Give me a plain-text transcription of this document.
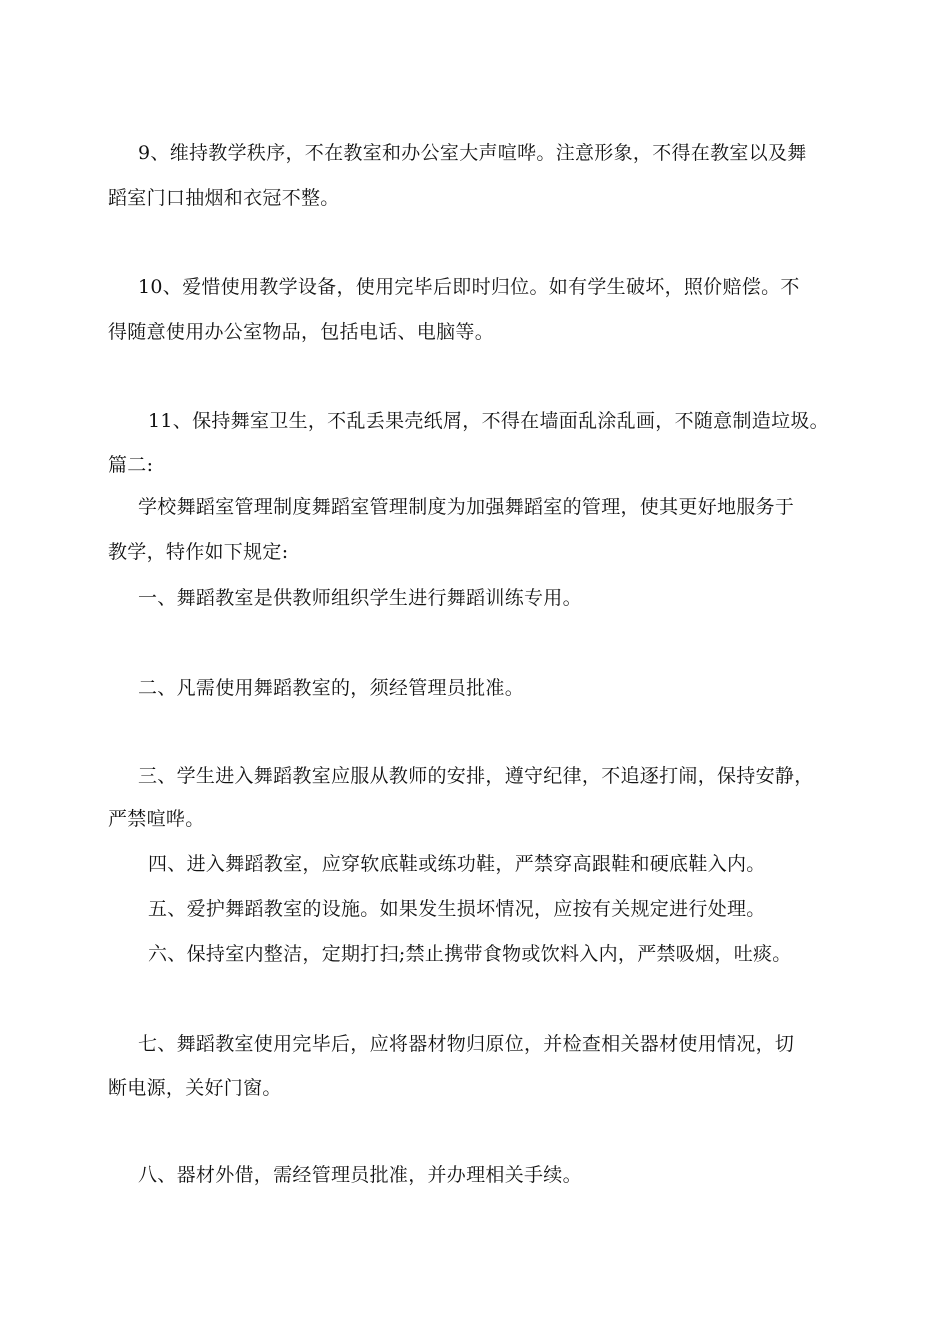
9、维持教学秩序，不在教室和办公室大声喧哗。注意形象，不得在教室以及舞
蹈室门口抽烟和衣冠不整。
10、爱惜使用教学设备，使用完毕后即时归位。如有学生破坏，照价赔偿。不
得随意使用办公室物品，包括电话、电脑等。
11、保持舞室卫生，不乱丢果壳纸屑，不得在墙面乱涂乱画，不随意制造垃圾。
篇二:
学校舞蹈室管理制度舞蹈室管理制度为加强舞蹈室的管理，使其更好地服务于
教学，特作如下规定:
一、舞蹈教室是供教师组织学生进行舞蹈训练专用。
二、凡需使用舞蹈教室的，须经管理员批准。
三、学生进入舞蹈教室应服从教师的安排，遵守纪律，不追逐打闹，保持安静，
严禁喧哗。
四、进入舞蹈教室，应穿软底鞋或练功鞋，严禁穿高跟鞋和硬底鞋入内。
五、爱护舞蹈教室的设施。如果发生损坏情况，应按有关规定进行处理。
六、保持室内整洁，定期打扫;禁止携带食物或饮料入内，严禁吸烟，吐痰。
七、舞蹈教室使用完毕后，应将器材物归原位，并检查相关器材使用情况，切
断电源，关好门窗。
八、器材外借，需经管理员批准，并办理相关手续。
